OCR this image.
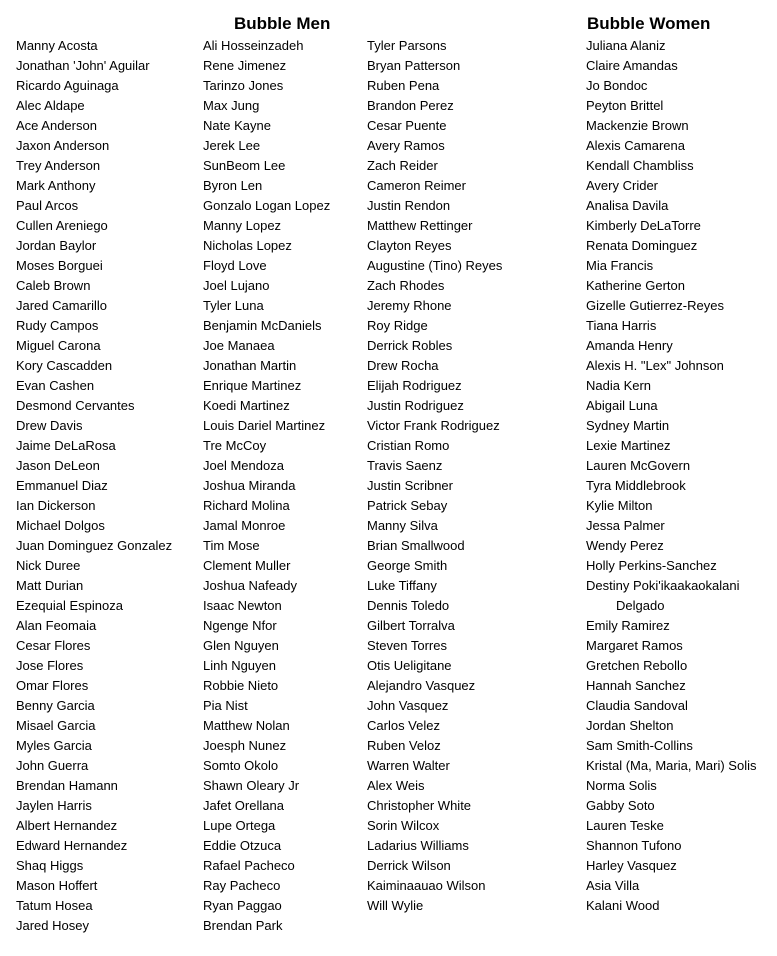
Bubble Men	Bubble Women
Manny Acosta
Jonathan 'John' Aguilar
Ricardo Aguinaga
Alec Aldape
Ace Anderson
Jaxon Anderson
Trey Anderson
Mark Anthony
Paul Arcos
Cullen Areniego
Jordan Baylor
Moses Borguei
Caleb Brown
Jared Camarillo
Rudy Campos
Miguel Carona
Kory Cascadden
Evan Cashen
Desmond Cervantes
Drew Davis
Jaime DeLaRosa
Jason DeLeon
Emmanuel Diaz
Ian Dickerson
Michael Dolgos
Juan Dominguez Gonzalez
Nick Duree
Matt Durian
Ezequial Espinoza
Alan Feomaia
Cesar Flores
Jose Flores
Omar Flores
Benny Garcia
Misael Garcia
Myles Garcia
John Guerra
Brendan Hamann
Jaylen Harris
Albert Hernandez
Edward Hernandez
Shaq Higgs
Mason Hoffert
Tatum Hosea
Jared Hosey
Ali Hosseinzadeh
Rene Jimenez
Tarinzo Jones
Max Jung
Nate Kayne
Jerek Lee
SunBeom Lee
Byron Len
Gonzalo Logan Lopez
Manny Lopez
Nicholas Lopez
Floyd Love
Joel Lujano
Tyler Luna
Benjamin McDaniels
Joe Manaea
Jonathan Martin
Enrique Martinez
Koedi Martinez
Louis Dariel Martinez
Tre McCoy
Joel Mendoza
Joshua Miranda
Richard Molina
Jamal Monroe
Tim Mose
Clement Muller
Joshua Nafeady
Isaac Newton
Ngenge Nfor
Glen Nguyen
Linh Nguyen
Robbie Nieto
Pia Nist
Matthew Nolan
Joesph Nunez
Somto Okolo
Shawn Oleary Jr
Jafet Orellana
Lupe Ortega
Eddie Otzuca
Rafael Pacheco
Ray Pacheco
Ryan Paggao
Brendan Park
Tyler Parsons
Bryan Patterson
Ruben Pena
Brandon Perez
Cesar Puente
Avery Ramos
Zach Reider
Cameron Reimer
Justin Rendon
Matthew Rettinger
Clayton Reyes
Augustine (Tino) Reyes
Zach Rhodes
Jeremy Rhone
Roy Ridge
Derrick Robles
Drew Rocha
Elijah Rodriguez
Justin Rodriguez
Victor Frank Rodriguez
Cristian Romo
Travis Saenz
Justin Scribner
Patrick Sebay
Manny Silva
Brian Smallwood
George Smith
Luke Tiffany
Dennis Toledo
Gilbert Torralva
Steven Torres
Otis Ueligitane
Alejandro Vasquez
John Vasquez
Carlos Velez
Ruben Veloz
Warren Walter
Alex Weis
Christopher White
Sorin Wilcox
Ladarius Williams
Derrick Wilson
Kaiminaauao Wilson
Will Wylie
Juliana Alaniz
Claire Amandas
Jo Bondoc
Peyton Brittel
Mackenzie Brown
Alexis Camarena
Kendall Chambliss
Avery Crider
Analisa Davila
Kimberly DeLaTorre
Renata Dominguez
Mia Francis
Katherine Gerton
Gizelle Gutierrez-Reyes
Tiana Harris
Amanda Henry
Alexis H. "Lex" Johnson
Nadia Kern
Abigail Luna
Sydney Martin
Lexie Martinez
Lauren McGovern
Tyra Middlebrook
Kylie Milton
Jessa Palmer
Wendy Perez
Holly Perkins-Sanchez
Destiny Poki'ikaakaokalani
Delgado
Emily Ramirez
Margaret Ramos
Gretchen Rebollo
Hannah Sanchez
Claudia Sandoval
Jordan Shelton
Sam Smith-Collins
Kristal (Ma, Maria, Mari) Solis
Norma Solis
Gabby Soto
Lauren Teske
Shannon Tufono
Harley Vasquez
Asia Villa
Kalani Wood
